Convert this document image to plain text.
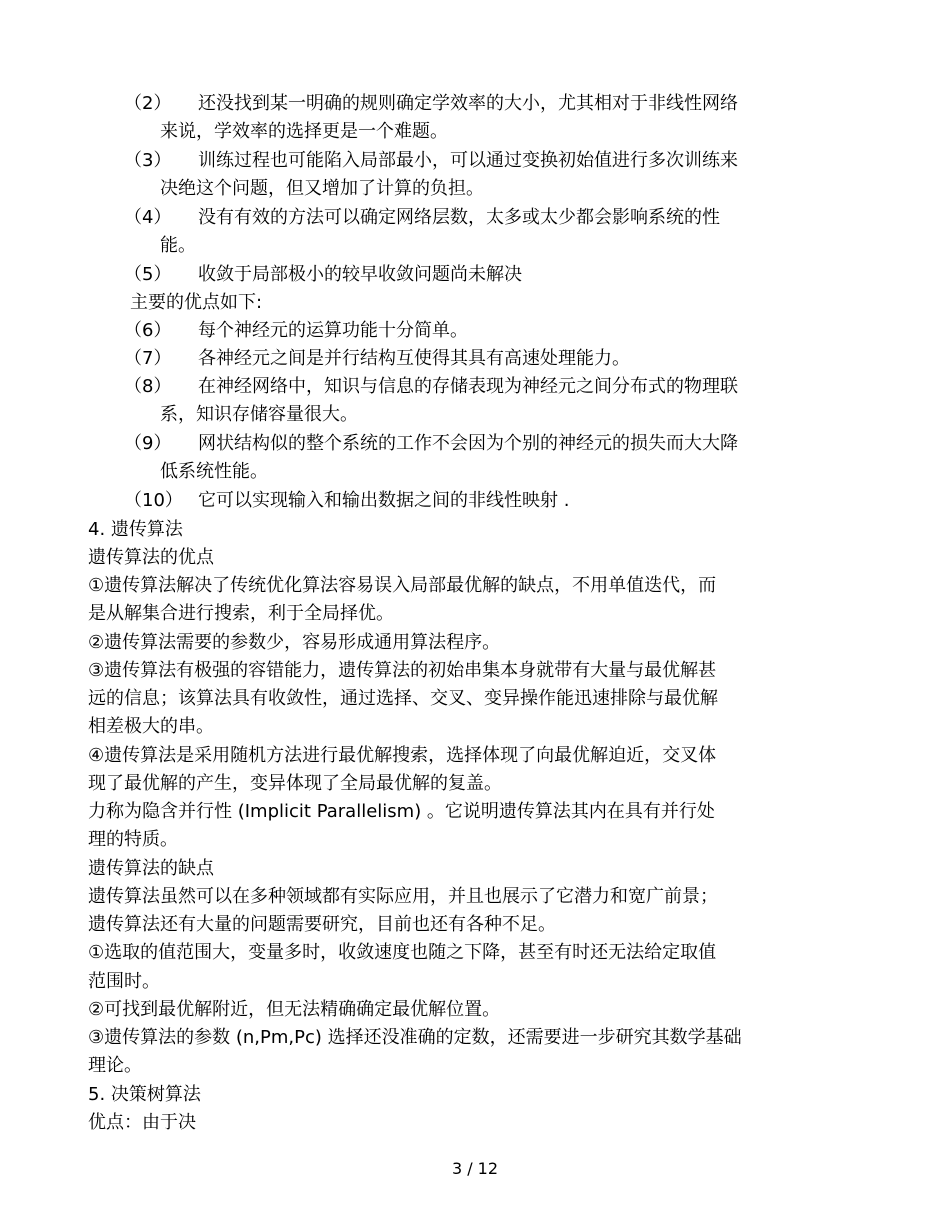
（2） 还没找到某一明确的规则确定学效率的大小，尤其相对于非线性网络
来说，学效率的选择更是一个难题。
（3） 训练过程也可能陷入局部最小，可以通过变换初始值进行多次训练来
决绝这个问题，但又增加了计算的负担。
（4） 没有有效的方法可以确定网络层数，太多或太少都会影响系统的性
能。
（5） 收敛于局部极小的较早收敛问题尚未解决
主要的优点如下:
（6） 每个神经元的运算功能十分简单。
（7） 各神经元之间是并行结构互使得其具有高速处理能力。
（8） 在神经网络中，知识与信息的存储表现为神经元之间分布式的物理联
系，知识存储容量很大。
（9） 网状结构似的整个系统的工作不会因为个别的神经元的损失而大大降
低系统性能。
（10） 它可以实现输入和输出数据之间的非线性映射 .
4. 遗传算法
遗传算法的优点
①遗传算法解决了传统优化算法容易误入局部最优解的缺点，不用单值迭代，而
是从解集合进行搜索，利于全局择优。
②遗传算法需要的参数少，容易形成通用算法程序。
③遗传算法有极强的容错能力，遗传算法的初始串集本身就带有大量与最优解甚
远的信息；该算法具有收敛性，通过选择、交叉、变异操作能迅速排除与最优解
相差极大的串。
④遗传算法是采用随机方法进行最优解搜索，选择体现了向最优解迫近，交叉体
现了最优解的产生，变异体现了全局最优解的复盖。
力称为隐含并行性 (Implicit Parallelism) 。它说明遗传算法其内在具有并行处
理的特质。
遗传算法的缺点
遗传算法虽然可以在多种领域都有实际应用，并且也展示了它潜力和宽广前景；
遗传算法还有大量的问题需要研究，目前也还有各种不足。
①选取的值范围大，变量多时，收敛速度也随之下降，甚至有时还无法给定取值
范围时。
②可找到最优解附近，但无法精确确定最优解位置。
③遗传算法的参数 (n,Pm,Pc) 选择还没准确的定数，还需要进一步研究其数学基础
理论。
5. 决策树算法
优点：由于决
3 / 12
